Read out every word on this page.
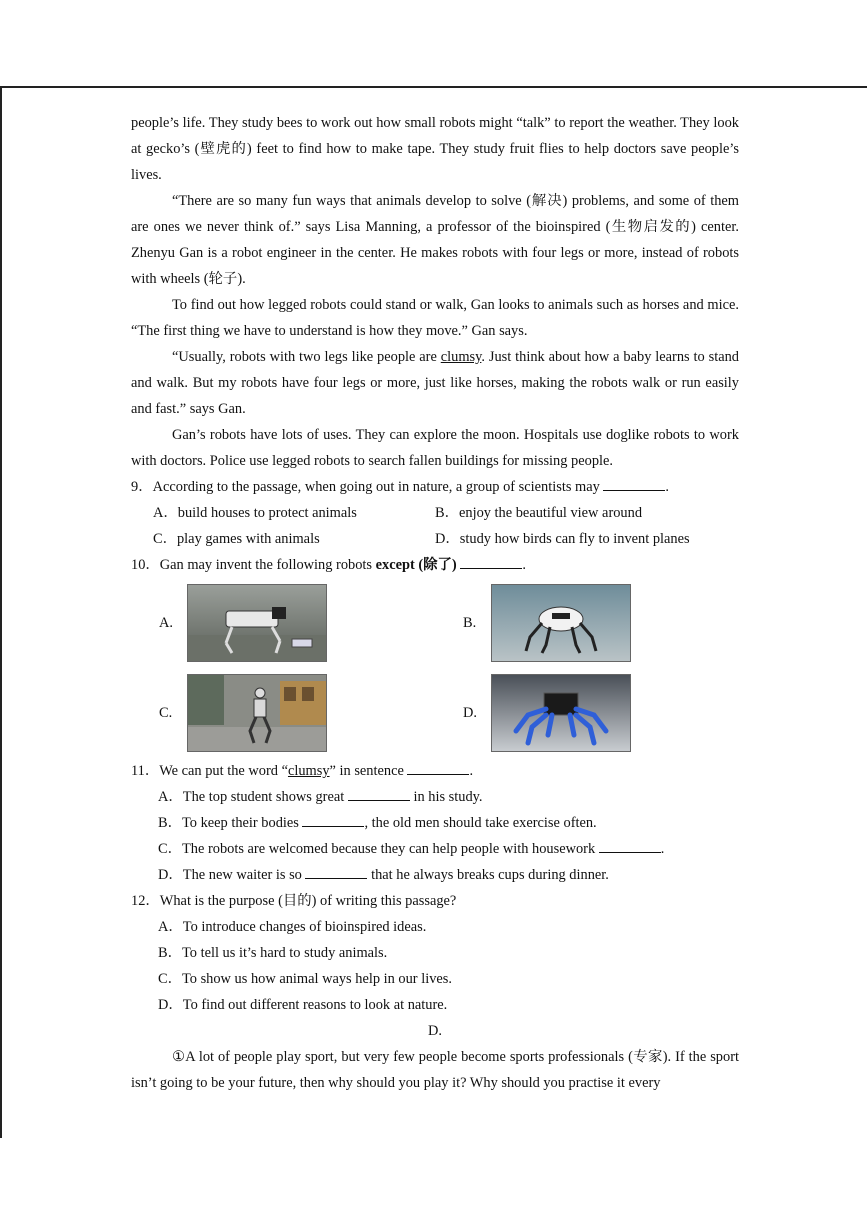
people’s life. They study bees to work out how small robots might “talk” to report the weather. They look at gecko’s (壁虎的) feet to find how to make tape. They study fruit flies to help doctors save people’s lives.

“There are so many fun ways that animals develop to solve (解决) problems, and some of them are ones we never think of.” says Lisa Manning, a professor of the bioinspired (生物启发的) center. Zhenyu Gan is a robot engineer in the center. He makes robots with four legs or more, instead of robots with wheels (轮子).

To find out how legged robots could stand or walk, Gan looks to animals such as horses and mice. “The first thing we have to understand is how they move.” Gan says.

“Usually, robots with two legs like people are clumsy. Just think about how a baby learns to stand and walk. But my robots have four legs or more, just like horses, making the robots walk or run easily and fast.” says Gan.

Gan’s robots have lots of uses. They can explore the moon. Hospitals use doglike robots to work with doctors. Police use legged robots to search fallen buildings for missing people.

9．According to the passage, when going out in nature, a group of scientists may	.

A．build houses to protect animals	B．enjoy the beautiful view around
C．play games with animals	D．study how birds can fly to invent planes

10．Gan may invent the following robots except (除了)	.

A.	B.
C.	D.

11．We can put the word “clumsy” in sentence	.

A．The top student shows great	in his study.

B．To keep their bodies	, the old men should take exercise often.

C．The robots are welcomed because they can help people with housework	.

D．The new waiter is so	that he always breaks cups during dinner.

12．What is the purpose (目的) of writing this passage?

A．To introduce changes of bioinspired ideas.

B．To tell us it’s hard to study animals.

C．To show us how animal ways help in our lives.

D．To find out different reasons to look at nature.

D.

①A lot of people play sport, but very few people become sports professionals (专家). If the sport isn’t going to be your future, then why should you play it? Why should you practise it every
